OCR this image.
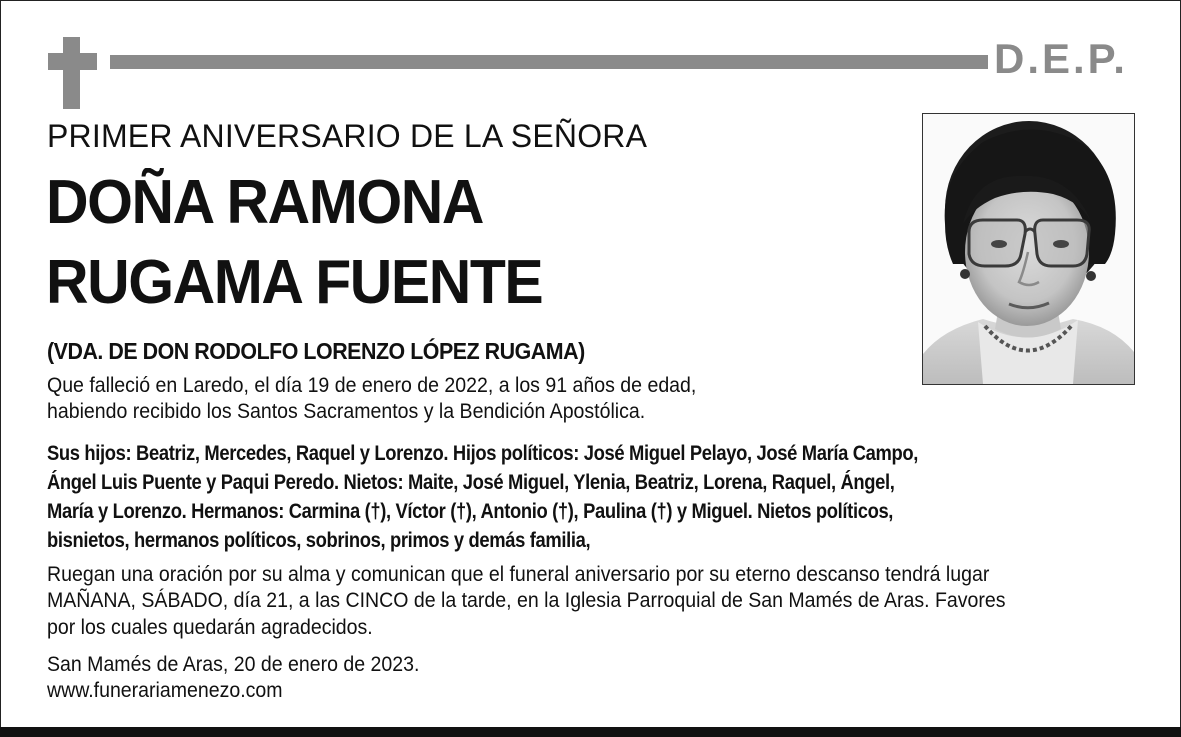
D.E.P.
PRIMER ANIVERSARIO DE LA SEÑORA
DOÑA RAMONA
RUGAMA FUENTE
(VDA. DE DON RODOLFO LORENZO LÓPEZ RUGAMA)
Que falleció en Laredo, el día 19 de enero de 2022, a los 91 años de edad,
habiendo recibido los Santos Sacramentos y la Bendición Apostólica.
Sus hijos: Beatriz, Mercedes, Raquel y Lorenzo. Hijos políticos: José Miguel Pelayo, José María Campo,
Ángel Luis Puente y Paqui Peredo. Nietos: Maite, José Miguel, Ylenia, Beatriz, Lorena, Raquel, Ángel,
María y Lorenzo. Hermanos: Carmina (†), Víctor (†), Antonio (†), Paulina (†) y Miguel. Nietos políticos,
bisnietos, hermanos políticos, sobrinos, primos y demás familia,
Ruegan una oración por su alma y comunican que el funeral aniversario por su eterno descanso tendrá lugar
MAÑANA, SÁBADO, día 21, a las CINCO de la tarde, en la Iglesia Parroquial de San Mamés de Aras. Favores
por los cuales quedarán agradecidos.
San Mamés de Aras, 20 de enero de 2023.
www.funerariamenezo.com
